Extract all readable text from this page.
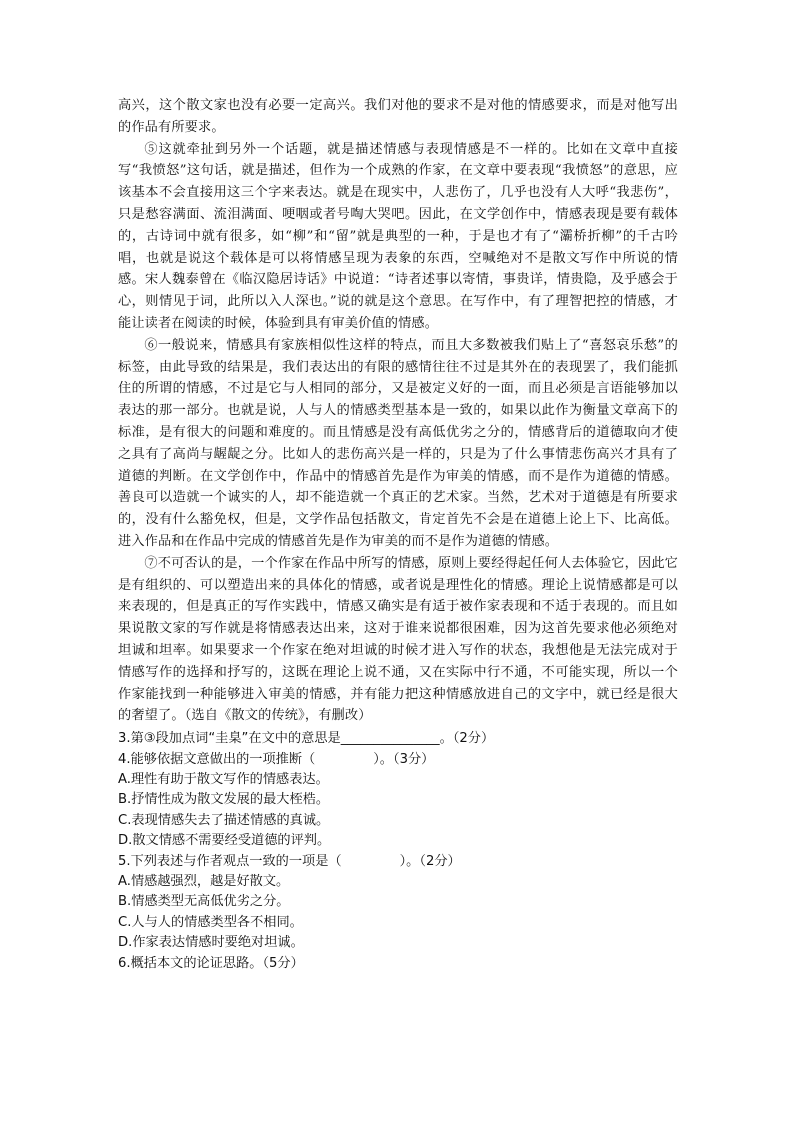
高兴，这个散文家也没有必要一定高兴。我们对他的要求不是对他的情感要求，而是对他写出的作品有所要求。

⑤这就牵扯到另外一个话题，就是描述情感与表现情感是不一样的。比如在文章中直接写“我愤怒”这句话，就是描述，但作为一个成熟的作家，在文章中要表现“我愤怒”的意思，应该基本不会直接用这三个字来表达。就是在现实中，人悲伤了，几乎也没有人大呼“我悲伤”，只是愁容满面、流泪满面、哽咽或者号啕大哭吧。因此，在文学创作中，情感表现是要有载体的，古诗词中就有很多，如“柳”和“留”就是典型的一种，于是也才有了“灞桥折柳”的千古吟唱，也就是说这个载体是可以将情感呈现为表象的东西，空喊绝对不是散文写作中所说的情感。宋人魏泰曾在《临汉隐居诗话》中说道：“诗者述事以寄情，事贵详，情贵隐，及乎感会于心，则情见于词，此所以入人深也。”说的就是这个意思。在写作中，有了理智把控的情感，才能让读者在阅读的时候，体验到具有审美价值的情感。

⑥一般说来，情感具有家族相似性这样的特点，而且大多数被我们贴上了“喜怒哀乐愁”的标签，由此导致的结果是，我们表达出的有限的感情往往不过是其外在的表现罢了，我们能抓住的所谓的情感，不过是它与人相同的部分，又是被定义好的一面，而且必须是言语能够加以表达的那一部分。也就是说，人与人的情感类型基本是一致的，如果以此作为衡量文章高下的标准，是有很大的问题和难度的。而且情感是没有高低优劣之分的，情感背后的道德取向才使之具有了高尚与龌龊之分。比如人的悲伤高兴是一样的，只是为了什么事情悲伤高兴才具有了道德的判断。在文学创作中，作品中的情感首先是作为审美的情感，而不是作为道德的情感。善良可以造就一个诚实的人，却不能造就一个真正的艺术家。当然，艺术对于道德是有所要求的，没有什么豁免权，但是，文学作品包括散文，肯定首先不会是在道德上论上下、比高低。进入作品和在作品中完成的情感首先是作为审美的而不是作为道德的情感。

⑦不可否认的是，一个作家在作品中所写的情感，原则上要经得起任何人去体验它，因此它是有组织的、可以塑造出来的具体化的情感，或者说是理性化的情感。理论上说情感都是可以来表现的，但是真正的写作实践中，情感又确实是有适于被作家表现和不适于表现的。而且如果说散文家的写作就是将情感表达出来，这对于谁来说都很困难，因为这首先要求他必须绝对坦诚和坦率。如果要求一个作家在绝对坦诚的时候才进入写作的状态，我想他是无法完成对于情感写作的选择和抒写的，这既在理论上说不通，又在实际中行不通，不可能实现，所以一个作家能找到一种能够进入审美的情感，并有能力把这种情感放进自己的文字中，就已经是很大的奢望了。（选自《散文的传统》，有删改）

3.第③段加点词“圭臬”在文中的意思是_______________。（2分）

4.能够依据文意做出的一项推断（	）。（3分）

A.理性有助于散文写作的情感表达。

B.抒情性成为散文发展的最大桎梏。

C.表现情感失去了描述情感的真诚。

D.散文情感不需要经受道德的评判。

5.下列表述与作者观点一致的一项是（	）。（2分）

A.情感越强烈，越是好散文。

B.情感类型无高低优劣之分。

C.人与人的情感类型各不相同。

D.作家表达情感时要绝对坦诚。

6.概括本文的论证思路。（5分）
